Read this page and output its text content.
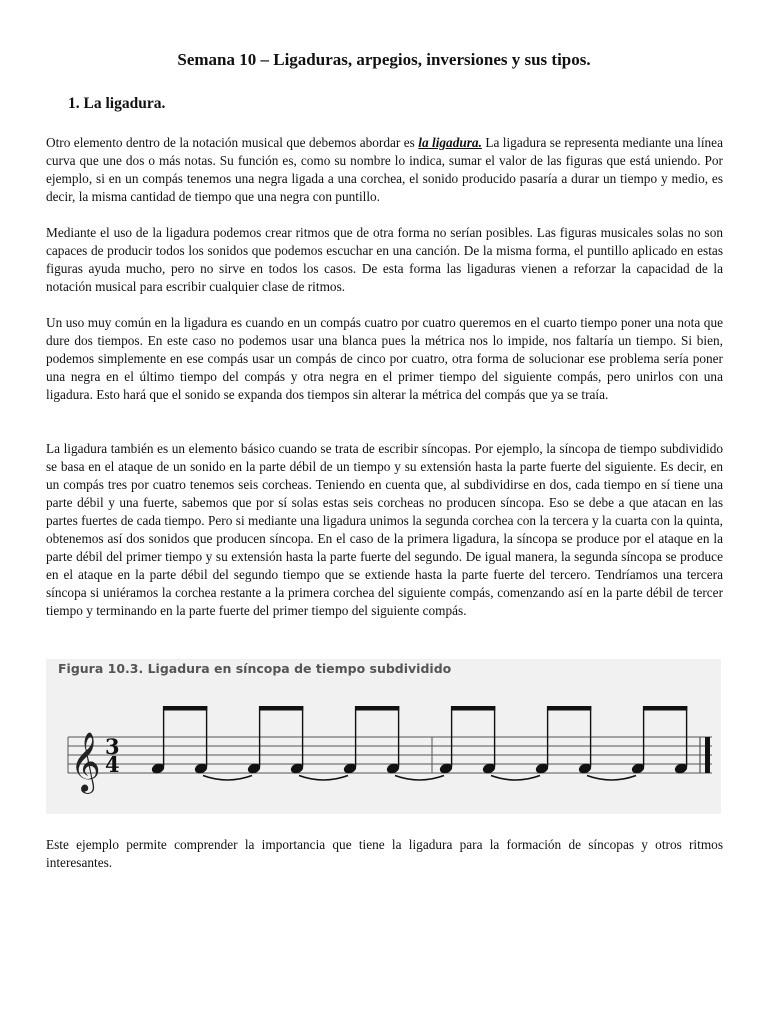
Semana 10 – Ligaduras, arpegios, inversiones y sus tipos.
1. La ligadura.

Otro elemento dentro de la notación musical que debemos abordar es la ligadura. La ligadura se representa mediante una línea curva que une dos o más notas. Su función es, como su nombre lo indica, sumar el valor de las figuras que está uniendo. Por ejemplo, si en un compás tenemos una negra ligada a una corchea, el sonido producido pasaría a durar un tiempo y medio, es decir, la misma cantidad de tiempo que una negra con puntillo.

Mediante el uso de la ligadura podemos crear ritmos que de otra forma no serían posibles. Las figuras musicales solas no son capaces de producir todos los sonidos que podemos escuchar en una canción. De la misma forma, el puntillo aplicado en estas figuras ayuda mucho, pero no sirve en todos los casos. De esta forma las ligaduras vienen a reforzar la capacidad de la notación musical para escribir cualquier clase de ritmos.

Un uso muy común en la ligadura es cuando en un compás cuatro por cuatro queremos en el cuarto tiempo poner una nota que dure dos tiempos. En este caso no podemos usar una blanca pues la métrica nos lo impide, nos faltaría un tiempo. Si bien, podemos simplemente en ese compás usar un compás de cinco por cuatro, otra forma de solucionar ese problema sería poner una negra en el último tiempo del compás y otra negra en el primer tiempo del siguiente compás, pero unirlos con una ligadura. Esto hará que el sonido se expanda dos tiempos sin alterar la métrica del compás que ya se traía.

La ligadura también es un elemento básico cuando se trata de escribir síncopas. Por ejemplo, la síncopa de tiempo subdividido se basa en el ataque de un sonido en la parte débil de un tiempo y su extensión hasta la parte fuerte del siguiente. Es decir, en un compás tres por cuatro tenemos seis corcheas. Teniendo en cuenta que, al subdividirse en dos, cada tiempo en sí tiene una parte débil y una fuerte, sabemos que por sí solas estas seis corcheas no producen síncopa. Eso se debe a que atacan en las partes fuertes de cada tiempo. Pero si mediante una ligadura unimos la segunda corchea con la tercera y la cuarta con la quinta, obtenemos así dos sonidos que producen síncopa. En el caso de la primera ligadura, la síncopa se produce por el ataque en la parte débil del primer tiempo y su extensión hasta la parte fuerte del segundo. De igual manera, la segunda síncopa se produce en el ataque en la parte débil del segundo tiempo que se extiende hasta la parte fuerte del tercero. Tendríamos una tercera síncopa si uniéramos la corchea restante a la primera corchea del siguiente compás, comenzando así en la parte débil de tercer tiempo y terminando en la parte fuerte del primer tiempo del siguiente compás.

Figura 10.3. Ligadura en síncopa de tiempo subdividido
𝄞 3
4

Este ejemplo permite comprender la importancia que tiene la ligadura para la formación de síncopas y otros ritmos interesantes.
